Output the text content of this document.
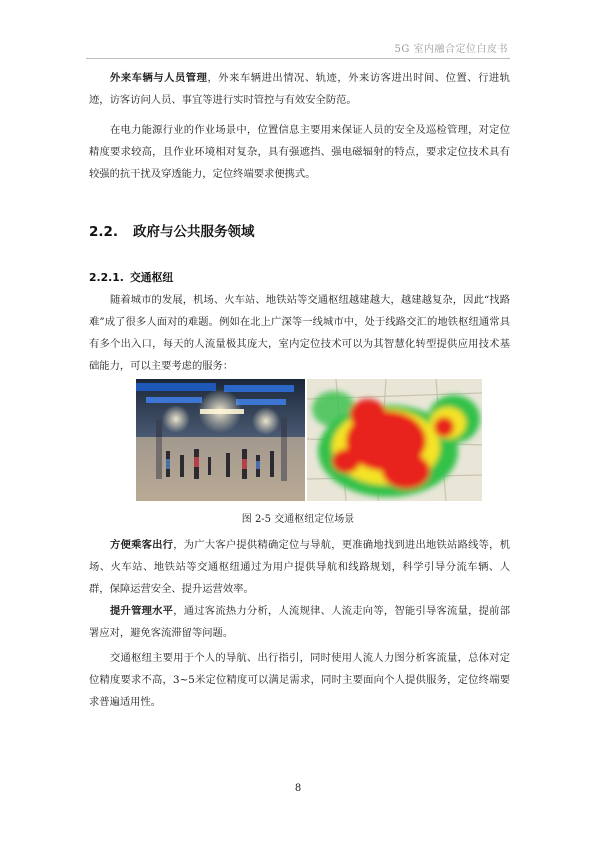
5G 室内融合定位白皮书

外来车辆与人员管理，外来车辆进出情况、轨迹，外来访客进出时间、位置、行进轨迹，访客访问人员、事宜等进行实时管控与有效安全防范。

在电力能源行业的作业场景中，位置信息主要用来保证人员的安全及巡检管理，对定位精度要求较高，且作业环境相对复杂，具有强遮挡、强电磁辐射的特点，要求定位技术具有较强的抗干扰及穿透能力，定位终端要求便携式。

2.2. 政府与公共服务领域
2.2.1. 交通枢纽

随着城市的发展，机场、火车站、地铁站等交通枢纽越建越大，越建越复杂，因此“找路难”成了很多人面对的难题。例如在北上广深等一线城市中，处于线路交汇的地铁枢纽通常具有多个出入口，每天的人流量极其庞大，室内定位技术可以为其智慧化转型提供应用技术基础能力，可以主要考虑的服务：

图 2-5 交通枢纽定位场景

方便乘客出行，为广大客户提供精确定位与导航，更准确地找到进出地铁站路线等，机场、火车站、地铁站等交通枢纽通过为用户提供导航和线路规划，科学引导分流车辆、人群，保障运营安全、提升运营效率。

提升管理水平，通过客流热力分析，人流规律、人流走向等，智能引导客流量，提前部署应对，避免客流滞留等问题。

交通枢纽主要用于个人的导航、出行指引，同时使用人流人力图分析客流量，总体对定位精度要求不高，3~5米定位精度可以满足需求，同时主要面向个人提供服务，定位终端要求普遍适用性。

8
